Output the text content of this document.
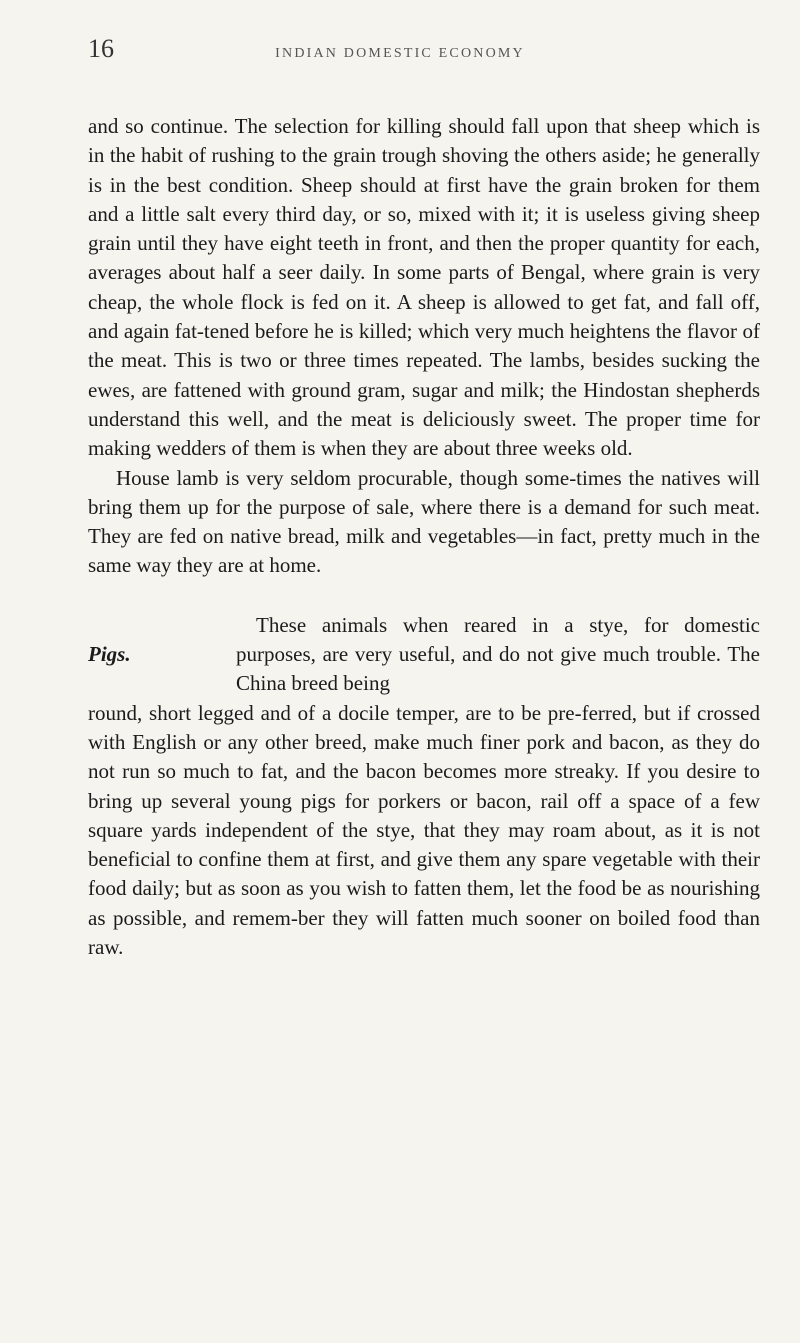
16	INDIAN DOMESTIC ECONOMY

and so continue. The selection for killing should fall upon that sheep which is in the habit of rushing to the grain trough shoving the others aside; he generally is in the best condition. Sheep should at first have the grain broken for them and a little salt every third day, or so, mixed with it; it is useless giving sheep grain until they have eight teeth in front, and then the proper quantity for each, averages about half a seer daily. In some parts of Bengal, where grain is very cheap, the whole flock is fed on it. A sheep is allowed to get fat, and fall off, and again fat-tened before he is killed; which very much heightens the flavor of the meat. This is two or three times repeated. The lambs, besides sucking the ewes, are fattened with ground gram, sugar and milk; the Hindostan shepherds understand this well, and the meat is deliciously sweet. The proper time for making wedders of them is when they are about three weeks old.

House lamb is very seldom procurable, though some-times the natives will bring them up for the purpose of sale, where there is a demand for such meat. They are fed on native bread, milk and vegetables—in fact, pretty much in the same way they are at home.

Pigs.

These animals when reared in a stye, for domestic purposes, are very useful, and do not give much trouble. The China breed being

round, short legged and of a docile temper, are to be pre-ferred, but if crossed with English or any other breed, make much finer pork and bacon, as they do not run so much to fat, and the bacon becomes more streaky. If you desire to bring up several young pigs for porkers or bacon, rail off a space of a few square yards independent of the stye, that they may roam about, as it is not beneficial to confine them at first, and give them any spare vegetable with their food daily; but as soon as you wish to fatten them, let the food be as nourishing as possible, and remem-ber they will fatten much sooner on boiled food than raw.
